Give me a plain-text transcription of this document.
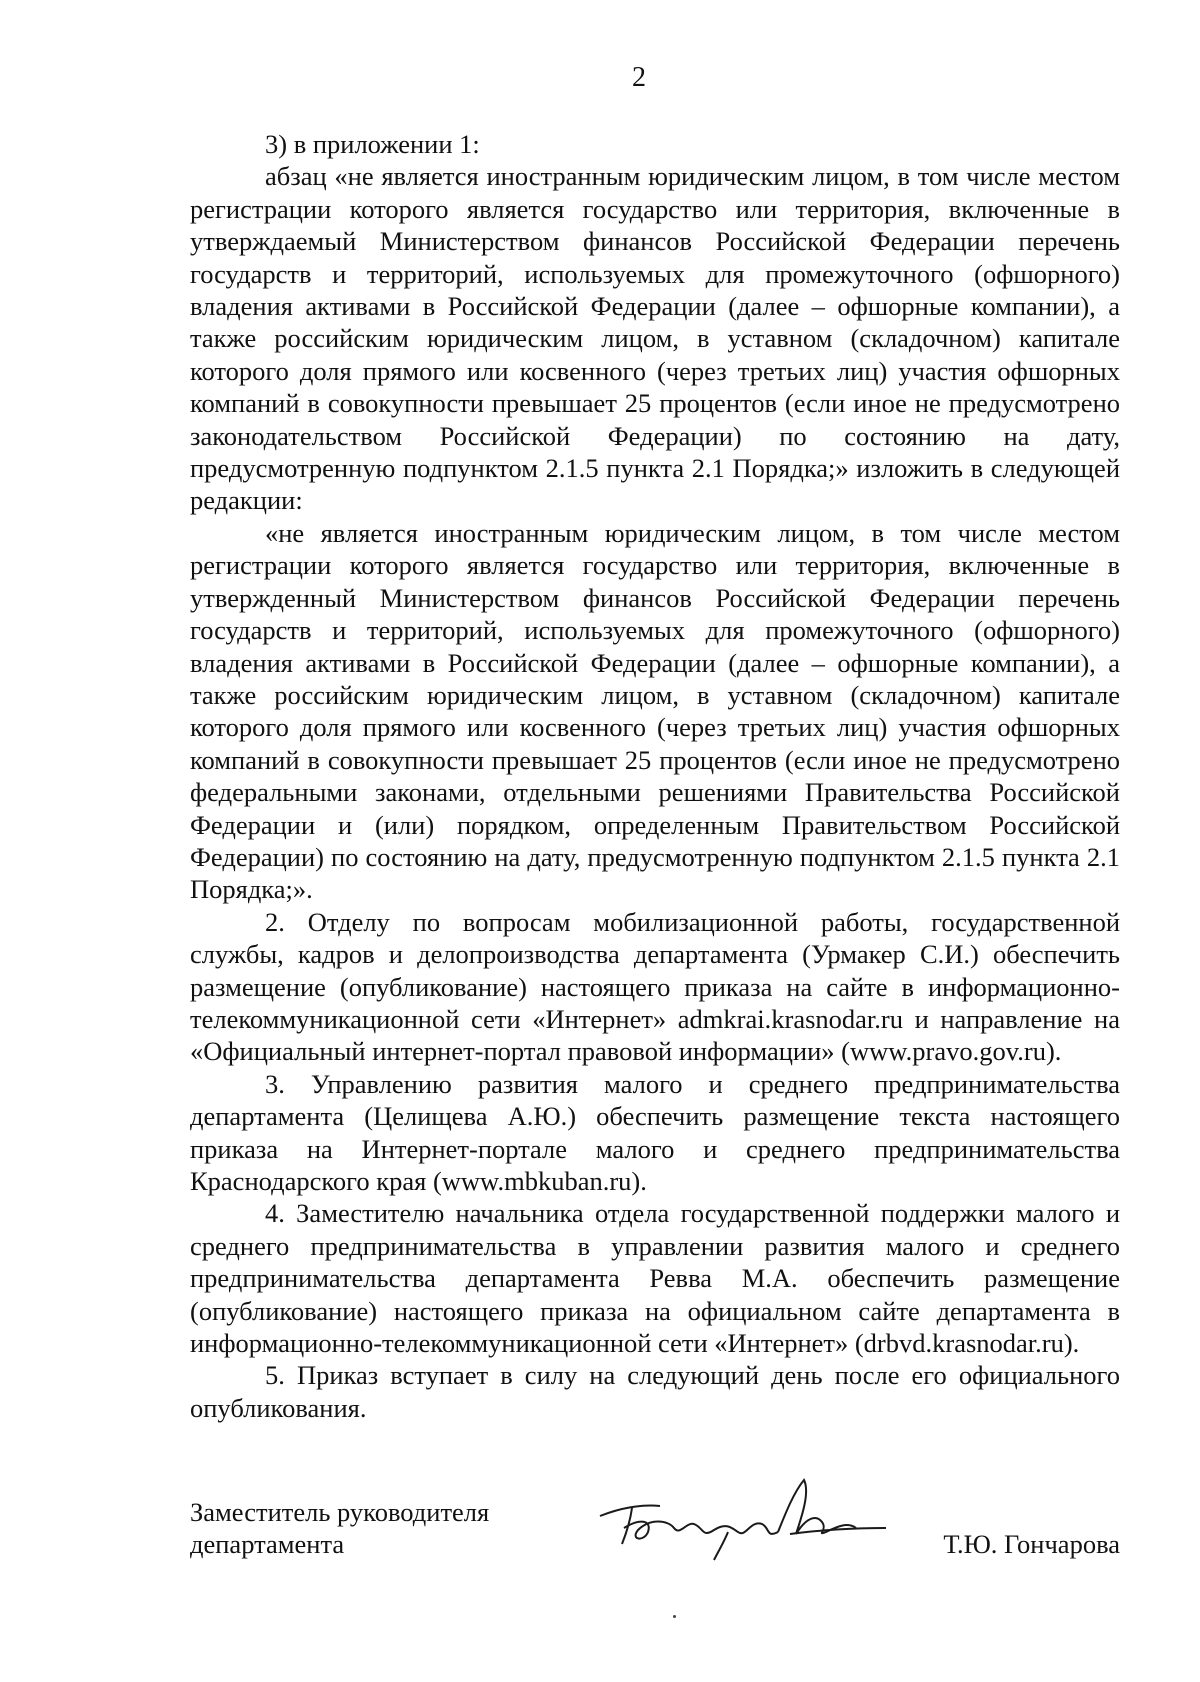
2

3) в приложении 1:

абзац «не является иностранным юридическим лицом, в том числе местом регистрации которого является государство или территория, включенные в утверждаемый Министерством финансов Российской Федерации перечень государств и территорий, используемых для промежуточного (офшорного) владения активами в Российской Федерации (далее – офшорные компании), а также российским юридическим лицом, в уставном (складочном) капитале которого доля прямого или косвенного (через третьих лиц) участия офшорных компаний в совокупности превышает 25 процентов (если иное не предусмотрено законодательством Российской Федерации) по состоянию на дату, предусмотренную подпунктом 2.1.5 пункта 2.1 Порядка;» изложить в следующей редакции:

«не является иностранным юридическим лицом, в том числе местом регистрации которого является государство или территория, включенные в утвержденный Министерством финансов Российской Федерации перечень государств и территорий, используемых для промежуточного (офшорного) владения активами в Российской Федерации (далее – офшорные компании), а также российским юридическим лицом, в уставном (складочном) капитале которого доля прямого или косвенного (через третьих лиц) участия офшорных компаний в совокупности превышает 25 процентов (если иное не предусмотрено федеральными законами, отдельными решениями Правительства Российской Федерации и (или) порядком, определенным Правительством Российской Федерации) по состоянию на дату, предусмотренную подпунктом 2.1.5 пункта 2.1 Порядка;».

2. Отделу по вопросам мобилизационной работы, государственной службы, кадров и делопроизводства департамента (Урмакер С.И.) обеспечить размещение (опубликование) настоящего приказа на сайте в информационно-телекоммуникационной сети «Интернет» admkrai.krasnodar.ru и направление на «Официальный интернет-портал правовой информации» (www.pravo.gov.ru).

3. Управлению развития малого и среднего предпринимательства департамента (Целищева А.Ю.) обеспечить размещение текста настоящего приказа на Интернет-портале малого и среднего предпринимательства Краснодарского края (www.mbkuban.ru).

4. Заместителю начальника отдела государственной поддержки малого и среднего предпринимательства в управлении развития малого и среднего предпринимательства департамента Ревва М.А. обеспечить размещение (опубликование) настоящего приказа на официальном сайте департамента в информационно-телекоммуникационной сети «Интернет» (drbvd.krasnodar.ru).

5. Приказ вступает в силу на следующий день после его официального опубликования.

Заместитель руководителя
департамента	Т.Ю. Гончарова
